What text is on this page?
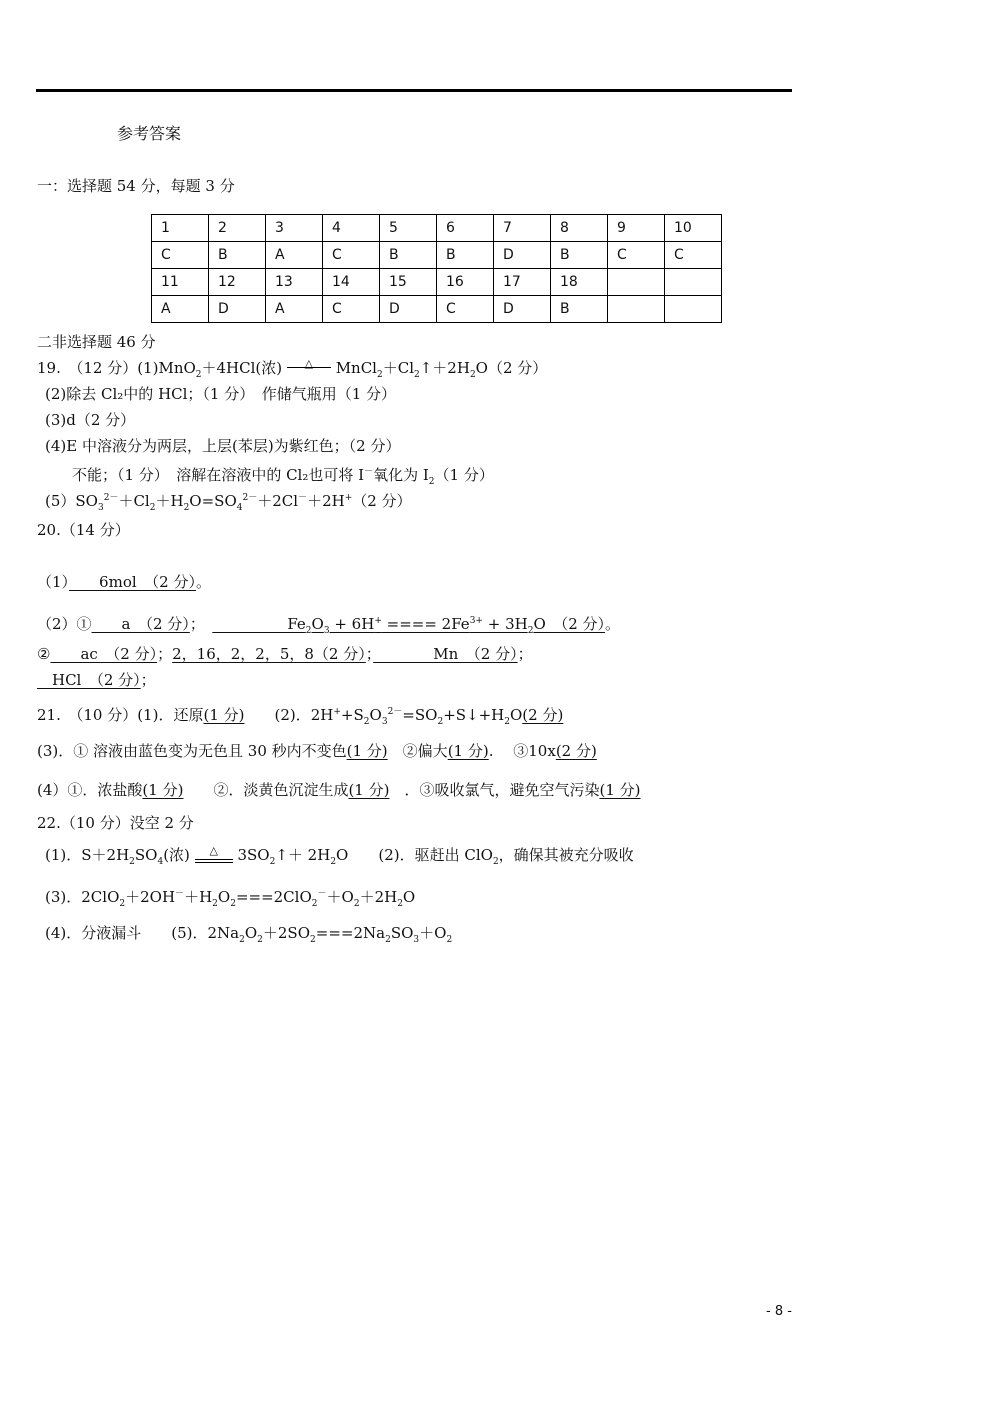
参考答案
一：选择题 54 分，每题 3 分
1	2	3	4	5	6	7	8	9	10
C	B	A	C	B	B	D	B	C	C
11	12	13	14	15	16	17	18		
A	D	A	C	D	C	D	B		
二非选择题 46 分
19.　（12 分）(1)MnO$_2$＋4HCl(浓)	△	$MnCl_2+Cl_2↑+2H_2O(2$ 分）
(2)除去 Cl₂中的 HCl；（1 分）　作储气瓶用（1 分）
(3)d（2 分）
(4)E 中溶液分为两层，上层(苯层)为紫红色；（2 分）
不能；（1 分）　溶解在溶液中的 Cl₂也可将 I－氧化为 $I_2(1$ 分）
$(5)SO_3^{2-}+Cl_2+H_2O=SO_4^{2-}+2Cl^-+2H^+(2$ 分）
20.（14 分）
（1）　　6mol　（2 分）。
（2）①　　a　（2 分）；　　　　　　$Fe_2O_3 + 6H^+$ ==== $2Fe^{3+} + 3H_2O$　（2 分）。
②　　ac　（2 分）；2，16，2，2，5，8（2 分）；　　　　Mn　（2 分）；
　HCl　（2 分）；
21.　（10 分）(1)．还原(1 分)　　(2)．$2H^++S_2O_3^{2-}=SO_2+S↓+H_2O(2$ 分)
(3)．① 溶液由蓝色变为无色且 30 秒内不变色(1 分)　②偏大(1 分).　 ③10x(2 分)
(4）①．浓盐酸(1 分)　　②．淡黄色沉淀生成(1 分)　．③吸收氯气，避免空气污染(1 分)
22.（10 分）没空 2 分
(1)．$S+2H_2SO_4$(浓)	△	$3SO_2↑+ 2H_2O$　　(2)．驱赶出 ClO$_2$，确保其被充分吸收
(3)．$2ClO_2+2OH^-+H_2O_2===2ClO_2^-+O_2+2H_2O$
(4)．分液漏斗　　(5)．$2Na_2O_2+2SO_2===2Na_2SO_3+O_2$
- 8 -
